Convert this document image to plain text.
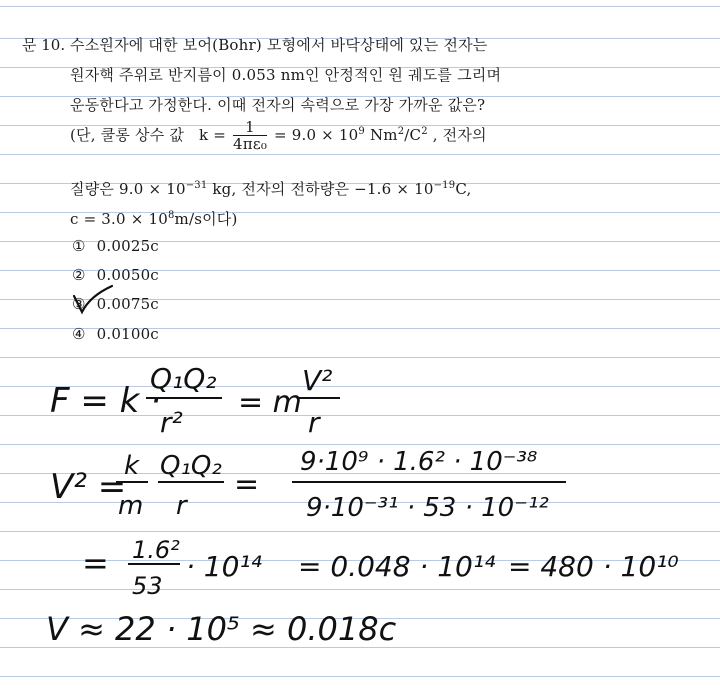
문 10. 수소원자에 대한 보어(Bohr) 모형에서 바닥상태에 있는 전자는
원자핵 주위로 반지름이 0.053 nm인 안정적인 원 궤도를 그리며
운동한다고 가정한다. 이때 전자의 속력으로 가장 가까운 값은?
(단, 쿨롱 상수 값 $k = \frac{1}{\text{4πε₀}} = 9.0 \times 10^9$ $Nm^2/C^2$ , 전자의
질량은 $9.0 \times 10^{-31}$ kg, 전자의 전하량은 $-1.6 \times 10^{-19}C$,
$c = 3.0 \times 10^8m/s$이다)
① 0.0025c
② 0.0050c
③ 0.0075c
④ 0.0100c
F = k ·
Q₁Q₂
r²
= m
V²
r
V² =
k
m
Q₁Q₂
r
=
9·10⁹ · 1.6² · 10⁻³⁸
9·10⁻³¹ · 53 · 10⁻¹²
= 1.6²
53
· 10¹⁴ = 0.048 · 10¹⁴ = 480 · 10¹⁰
V ≈ 22 · 10⁵ ≈ 0.018c
